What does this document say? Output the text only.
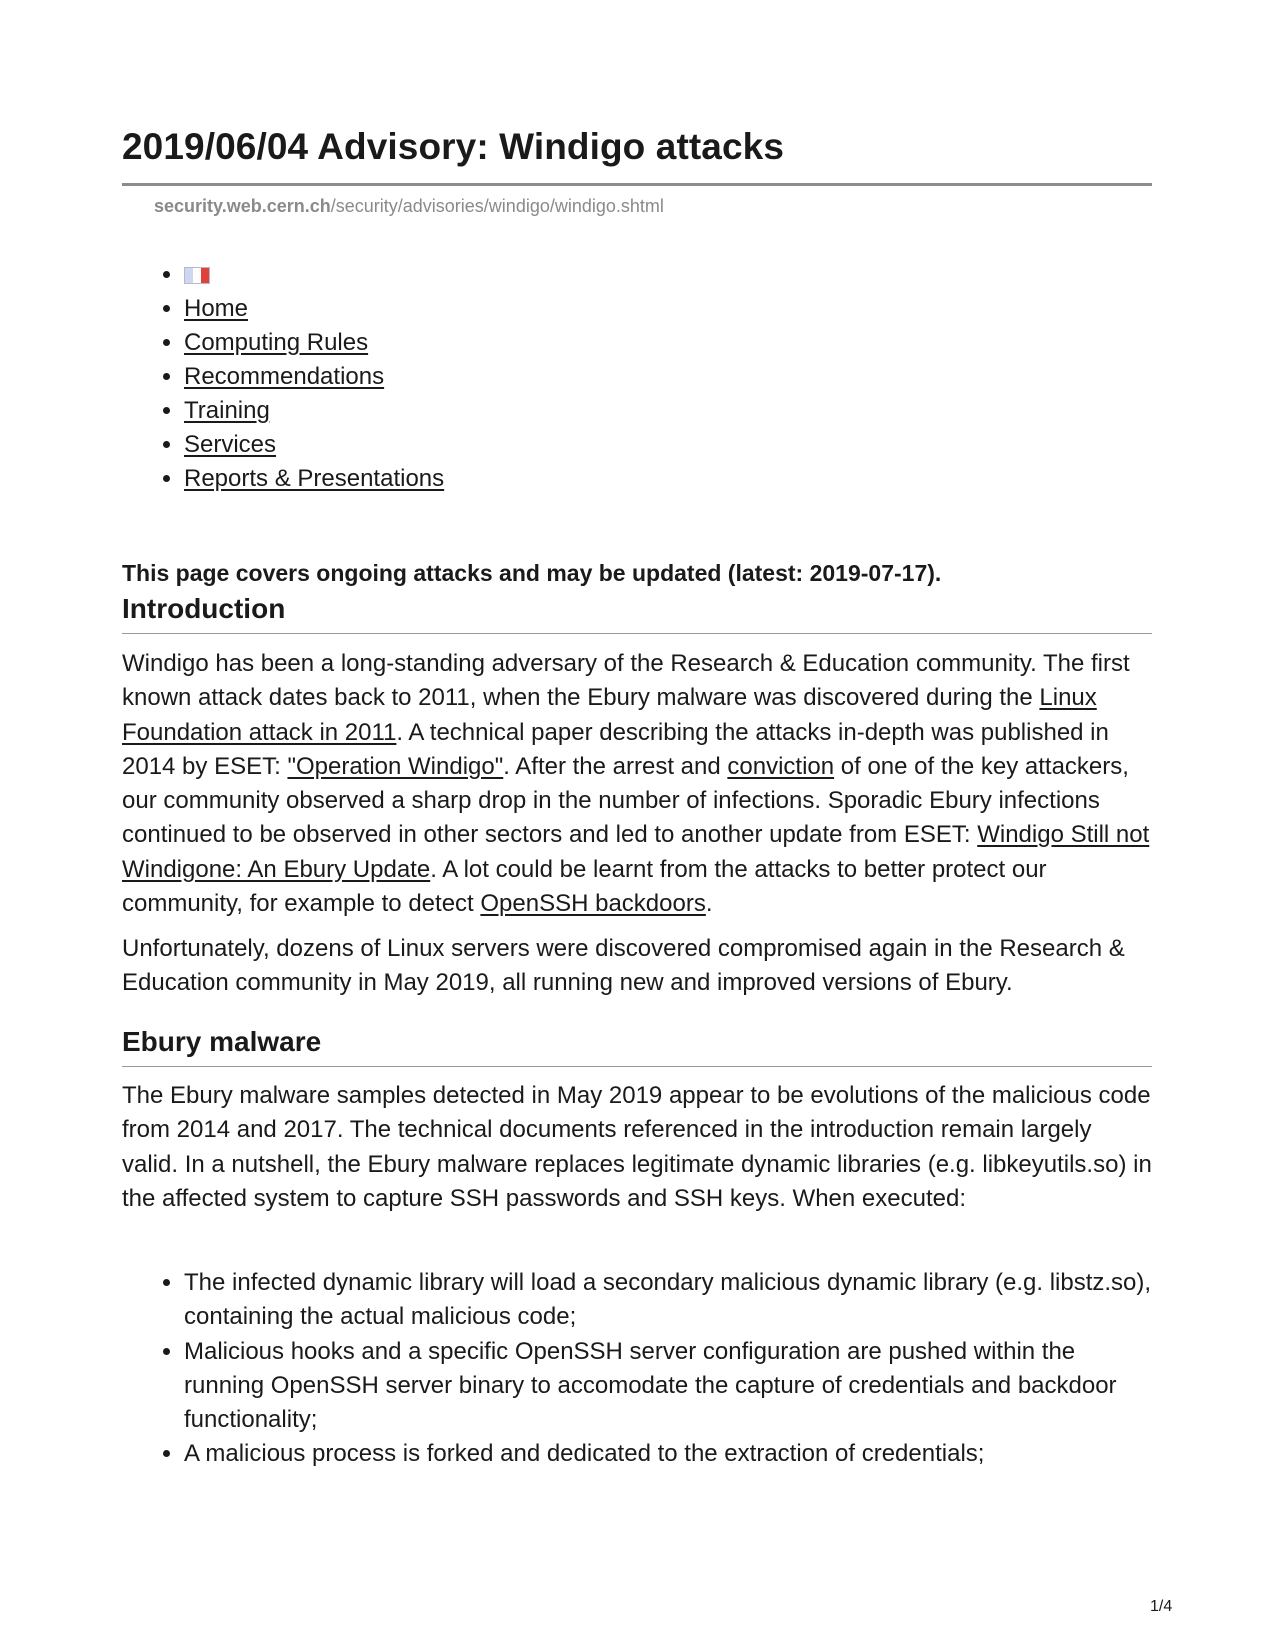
2019/06/04 Advisory: Windigo attacks
security.web.cern.ch/security/advisories/windigo/windigo.shtml
•
• Home
• Computing Rules
• Recommendations
• Training
• Services
• Reports & Presentations

This page covers ongoing attacks and may be updated (latest: 2019-07-17).

Introduction

Windigo has been a long-standing adversary of the Research & Education community. The first known attack dates back to 2011, when the Ebury malware was discovered during the Linux Foundation attack in 2011. A technical paper describing the attacks in-depth was published in 2014 by ESET: "Operation Windigo". After the arrest and conviction of one of the key attackers, our community observed a sharp drop in the number of infections. Sporadic Ebury infections continued to be observed in other sectors and led to another update from ESET: Windigo Still not Windigone: An Ebury Update. A lot could be learnt from the attacks to better protect our community, for example to detect OpenSSH backdoors.

Unfortunately, dozens of Linux servers were discovered compromised again in the Research & Education community in May 2019, all running new and improved versions of Ebury.

Ebury malware

The Ebury malware samples detected in May 2019 appear to be evolutions of the malicious code from 2014 and 2017. The technical documents referenced in the introduction remain largely valid. In a nutshell, the Ebury malware replaces legitimate dynamic libraries (e.g. libkeyutils.so) in the affected system to capture SSH passwords and SSH keys. When executed:

• The infected dynamic library will load a secondary malicious dynamic library (e.g. libstz.so), containing the actual malicious code;
• Malicious hooks and a specific OpenSSH server configuration are pushed within the running OpenSSH server binary to accomodate the capture of credentials and backdoor functionality;
• A malicious process is forked and dedicated to the extraction of credentials;
1/4
